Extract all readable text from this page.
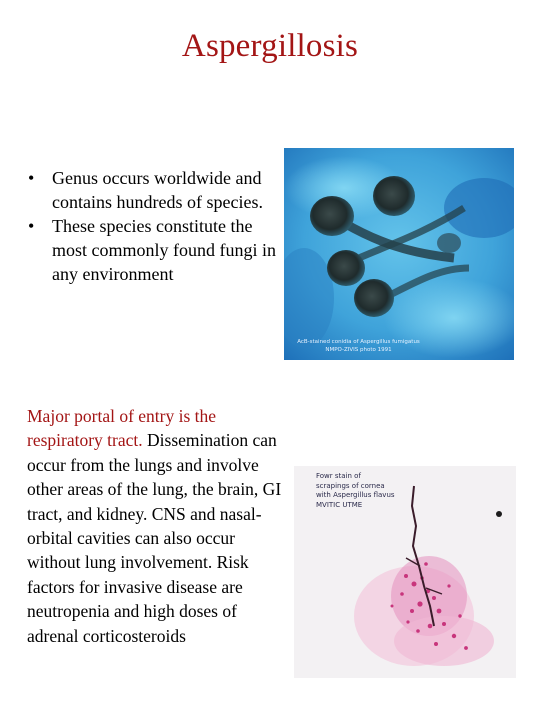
Aspergillosis
• Genus occurs worldwide and contains hundreds of species.
• These species constitute the most commonly found fungi in any environment
AcB-stained conidia of Aspergillus fumigatus
NMPO-ZIVIS photo 1991

Major portal of entry is the respiratory tract. Dissemination can occur from the lungs and involve other areas of the lung, the brain, GI tract, and kidney. CNS and nasal-orbital cavities can also occur without lung involvement. Risk factors for invasive disease are neutropenia and high doses of adrenal corticosteroids

Fowr stain of
scrapings of cornea
with Aspergillus flavus
MVITIC UTME
